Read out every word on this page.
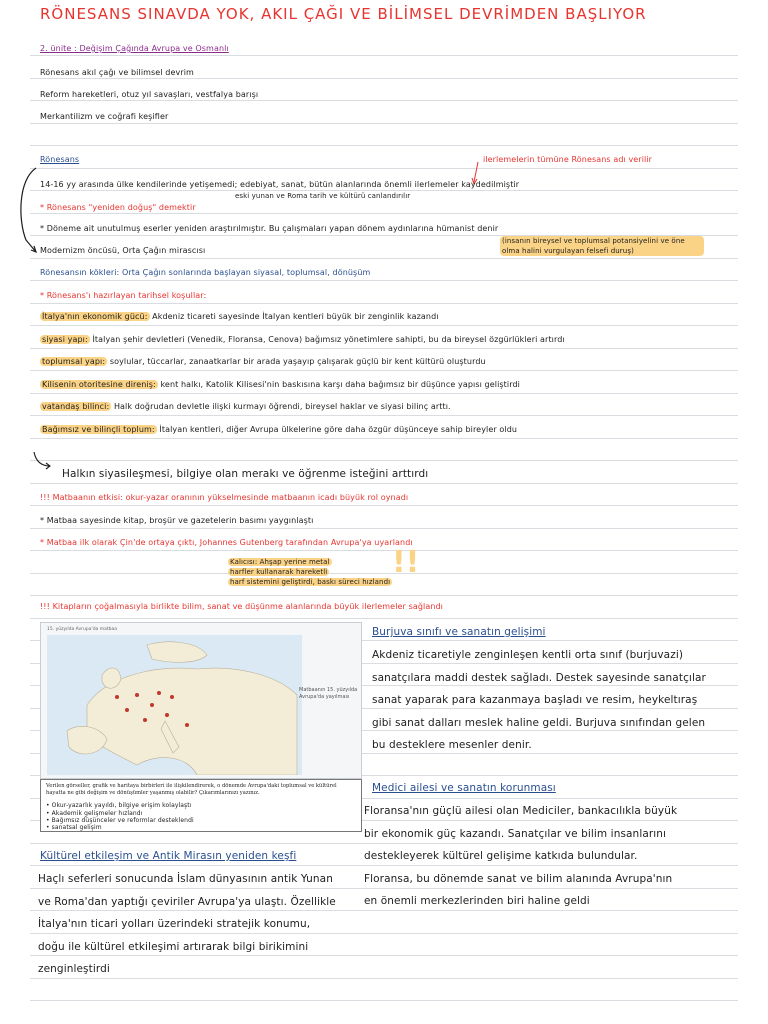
RÖNESANS SINAVDA YOK, AKIL ÇAĞI VE BİLİMSEL DEVRİMDEN BAŞLIYOR
2. ünite : Değişim Çağında Avrupa ve Osmanlı
Rönesans akıl çağı ve bilimsel devrim
Reform hareketleri, otuz yıl savaşları, vestfalya barışı
Merkantilizm ve coğrafi keşifler
Rönesans	ilerlemelerin tümüne Rönesans adı verilir
14-16 yy arasında ülke kendilerinde yetişemedi; edebiyat, sanat, bütün alanlarında önemli ilerlemeler kaydedilmiştir
eski yunan ve Roma tarih ve kültürü canlandırılır
* Rönesans "yeniden doğuş" demektir
* Döneme ait unutulmuş eserler yeniden araştırılmıştır. Bu çalışmaları yapan dönem aydınlarına hümanist denir
(insanın bireysel ve toplumsal potansiyelini ve öne olma halini vurgulayan felsefi duruş)
Modernizm öncüsü, Orta Çağın mirascısı
Rönesansın kökleri: Orta Çağın sonlarında başlayan siyasal, toplumsal, dönüşüm
* Rönesans'ı hazırlayan tarihsel koşullar:
İtalya'nın ekonomik gücü: Akdeniz ticareti sayesinde İtalyan kentleri büyük bir zenginlik kazandı
siyasi yapı: İtalyan şehir devletleri (Venedik, Floransa, Cenova) bağımsız yönetimlere sahipti, bu da bireysel özgürlükleri artırdı
toplumsal yapı: soylular, tüccarlar, zanaatkarlar bir arada yaşayıp çalışarak güçlü bir kent kültürü oluşturdu
Kilisenin otoritesine direniş: kent halkı, Katolik Kilisesi'nin baskısına karşı daha bağımsız bir düşünce yapısı geliştirdi
vatandaş bilinci: Halk doğrudan devletle ilişki kurmayı öğrendi, bireysel haklar ve siyasi bilinç arttı.
Bağımsız ve bilinçli toplum: İtalyan kentleri, diğer Avrupa ülkelerine göre daha özgür düşünceye sahip bireyler oldu
Halkın siyasileşmesi, bilgiye olan merakı ve öğrenme isteğini arttırdı
!!! Matbaanın etkisi: okur-yazar oranının yükselmesinde matbaanın icadı büyük rol oynadı
* Matbaa sayesinde kitap, broşür ve gazetelerin basımı yaygınlaştı
* Matbaa ilk olarak Çin'de ortaya çıktı, Johannes Gutenberg tarafından Avrupa'ya uyarlandı
Kalıcısı: Ahşap yerine metal
harfler kullanarak hareketli
harf sistemini geliştirdi, baskı süreci hızlandı
!!
!!! Kitapların çoğalmasıyla birlikte bilim, sanat ve düşünme alanlarında büyük ilerlemeler sağlandı
15. yüzyılda Avrupa'da matbaa
Matbaanın 15. yüzyılda Avrupa'da yayılması
Verilen görseller, grafik ve haritaya birbirleri ile ilişkilendirerek, o dönemde Avrupa'daki toplumsal ve kültürel hayatta ne gibi değişim ve dönüşümler yaşanmış olabilir? Çıkarımlarınızı yazınız.
• Okur-yazarlık yayıldı, bilgiye erişim kolaylaştı
• Akademik gelişmeler hızlandı
• Bağımsız düşünceler ve reformlar desteklendi
• sanatsal gelişim
Burjuva sınıfı ve sanatın gelişimi
Akdeniz ticaretiyle zenginleşen kentli orta sınıf (burjuvazi)
sanatçılara maddi destek sağladı. Destek sayesinde sanatçılar
sanat yaparak para kazanmaya başladı ve resim, heykeltıraş
gibi sanat dalları meslek haline geldi. Burjuva sınıfından gelen
bu desteklere mesenler denir.
Medici ailesi ve sanatın korunması
Floransa'nın güçlü ailesi olan Mediciler, bankacılıkla büyük
bir ekonomik güç kazandı. Sanatçılar ve bilim insanlarını
destekleyerek kültürel gelişime katkıda bulundular.
Floransa, bu dönemde sanat ve bilim alanında Avrupa'nın
en önemli merkezlerinden biri haline geldi
Kültürel etkileşim ve Antik Mirasın yeniden keşfi
Haçlı seferleri sonucunda İslam dünyasının antik Yunan
ve Roma'dan yaptığı çeviriler Avrupa'ya ulaştı. Özellikle
İtalya'nın ticari yolları üzerindeki stratejik konumu,
doğu ile kültürel etkileşimi artırarak bilgi birikimini
zenginleştirdi
